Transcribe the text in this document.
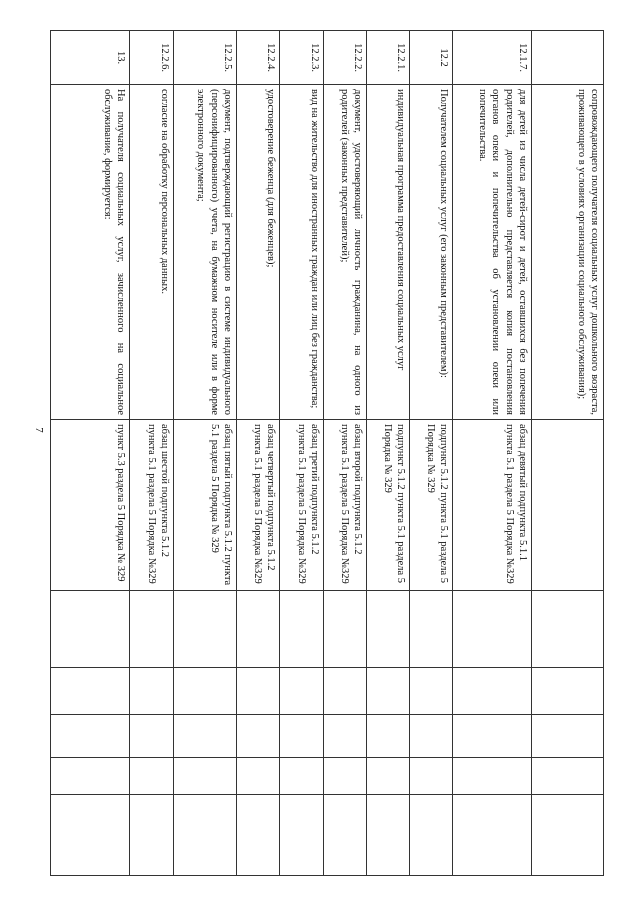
7
	сопровождающего получателя социальных услуг дошкольного возраста, проживающего в условиях организации социального обслуживания);						
12.1.7.	для детей из числа детей-сирот и детей, оставшихся без попечения родителей, дополнительно представляется копия постановления органов опеки и попечительства об установлении опеки или попечительства.	абзац девятый подпункта 5.1.1 пункта 5.1 раздела 5 Порядка №329					
12.2	Получателем социальных услуг (его законным представителем):	подпункт 5.1.2 пункта 5.1 раздела 5 Порядка № 329					
12.2.1.	индивидуальная программа предоставления социальных услуг	подпункт 5.1.2 пункта 5.1 раздела 5 Порядка № 329					
12.2.2.	документ, удостоверяющий личность гражданина, на одного из родителей (законных представителей);	абзац второй подпункта 5.1.2 пункта 5.1 раздела 5 Порядка №329					
12.2.3.	вид на жительство для иностранных граждан или лиц без гражданства;	абзац третий подпункта 5.1.2 пункта 5.1 раздела 5 Порядка №329					
12.2.4.	удостоверение беженца (для беженцев);	абзац четвертый подпункта 5.1.2 пункта 5.1 раздела 5 Порядка №329					
12.2.5.	документ, подтверждающий регистрацию в системе индивидуального (персонифицированного) учета, на бумажном носителе или в форме электронного документа;	абзац пятый подпункта 5.1.2 пункта 5.1 раздела 5 Порядка № 329					
12.2.6.	согласие на обработку персональных данных.	абзац шестой подпункта 5.1.2 пункта 5.1 раздела 5 Порядка №329					
13.	На получателя социальных услуг, зачисленного на социальное обслуживание, формируется:	пункт 5.3 раздела 5 Порядка № 329					
